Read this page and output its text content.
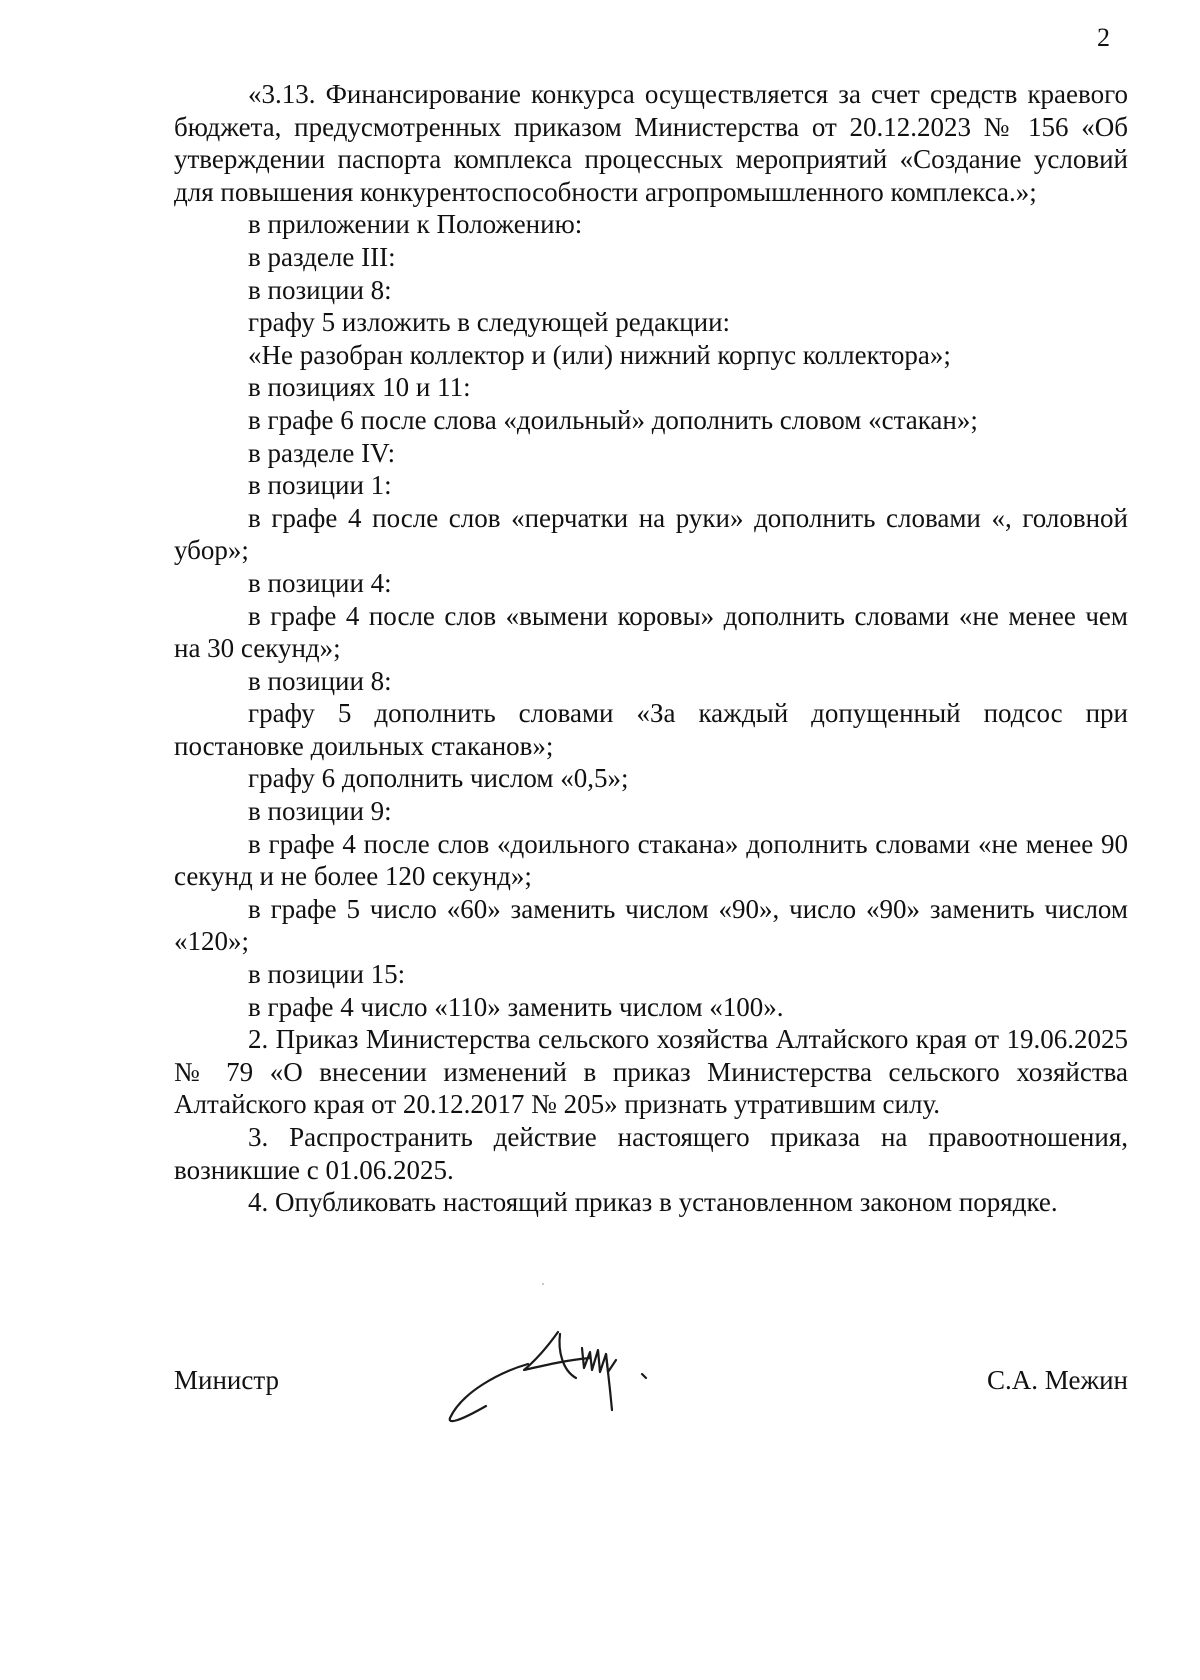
2

«3.13. Финансирование конкурса осуществляется за счет средств краевого бюджета, предусмотренных приказом Министерства от 20.12.2023 № 156 «Об утверждении паспорта комплекса процессных мероприятий «Создание условий для повышения конкурентоспособности агропромышленного комплекса.»;

в приложении к Положению:

в разделе III:

в позиции 8:

графу 5 изложить в следующей редакции:

«Не разобран коллектор и (или) нижний корпус коллектора»;

в позициях 10 и 11:

в графе 6 после слова «доильный» дополнить словом «стакан»;

в разделе IV:

в позиции 1:

в графе 4 после слов «перчатки на руки» дополнить словами «, головной убор»;

в позиции 4:

в графе 4 после слов «вымени коровы» дополнить словами «не менее чем на 30 секунд»;

в позиции 8:

графу 5 дополнить словами «За каждый допущенный подсос при постановке доильных стаканов»;

графу 6 дополнить числом «0,5»;

в позиции 9:

в графе 4 после слов «доильного стакана» дополнить словами «не менее 90 секунд и не более 120 секунд»;

в графе 5 число «60» заменить числом «90», число «90» заменить числом «120»;

в позиции 15:

в графе 4 число «110» заменить числом «100».

2. Приказ Министерства сельского хозяйства Алтайского края от 19.06.2025 № 79 «О внесении изменений в приказ Министерства сельского хозяйства Алтайского края от 20.12.2017 № 205» признать утратившим силу.

3. Распространить действие настоящего приказа на правоотношения, возникшие с 01.06.2025.

4. Опубликовать настоящий приказ в установленном законом порядке.

Министр	С.А. Межин
